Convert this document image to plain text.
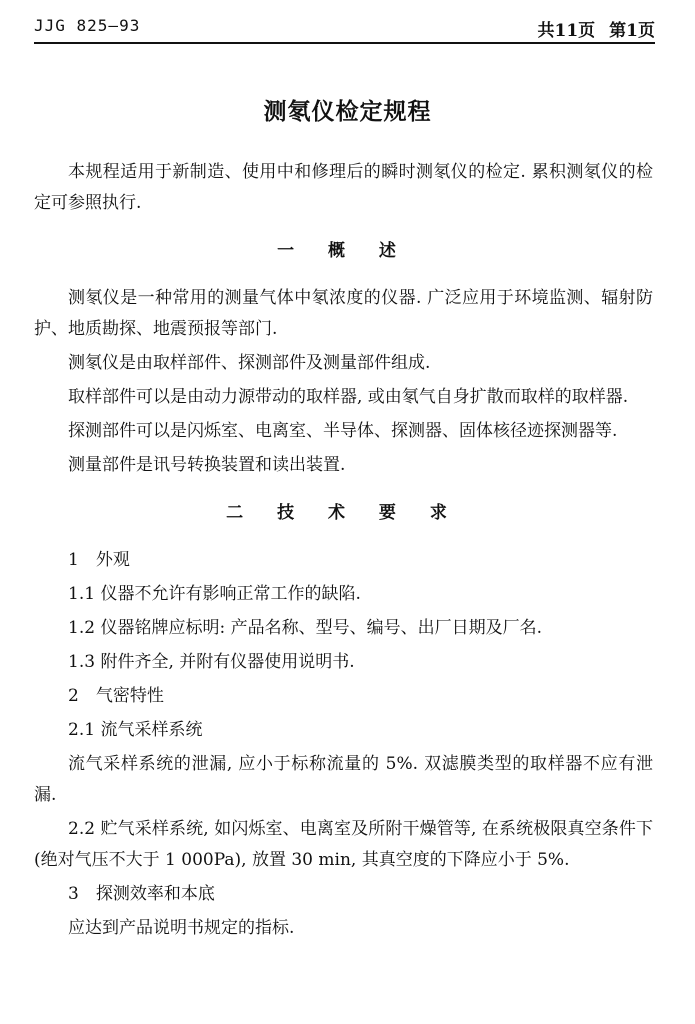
JJG 825—93	共11页 第1页
测氡仪检定规程

本规程适用于新制造、使用中和修理后的瞬时测氡仪的检定. 累积测氡仪的检定可参照执行.

一 概 述

测氡仪是一种常用的测量气体中氡浓度的仪器. 广泛应用于环境监测、辐射防护、地质勘探、地震预报等部门.

测氡仪是由取样部件、探测部件及测量部件组成.

取样部件可以是由动力源带动的取样器, 或由氡气自身扩散而取样的取样器.

探测部件可以是闪烁室、电离室、半导体、探测器、固体核径迹探测器等.

测量部件是讯号转换装置和读出装置.

二 技 术 要 求
1　外观
1.1 仪器不允许有影响正常工作的缺陷.
1.2 仪器铭牌应标明: 产品名称、型号、编号、出厂日期及厂名.
1.3 附件齐全, 并附有仪器使用说明书.
2　气密特性
2.1 流气采样系统

流气采样系统的泄漏, 应小于标称流量的 5%. 双滤膜类型的取样器不应有泄漏.

2.2 贮气采样系统, 如闪烁室、电离室及所附干燥管等, 在系统极限真空条件下(绝对气压不大于 1 000Pa), 放置 30 min, 其真空度的下降应小于 5%.

3　探测效率和本底

应达到产品说明书规定的指标.
